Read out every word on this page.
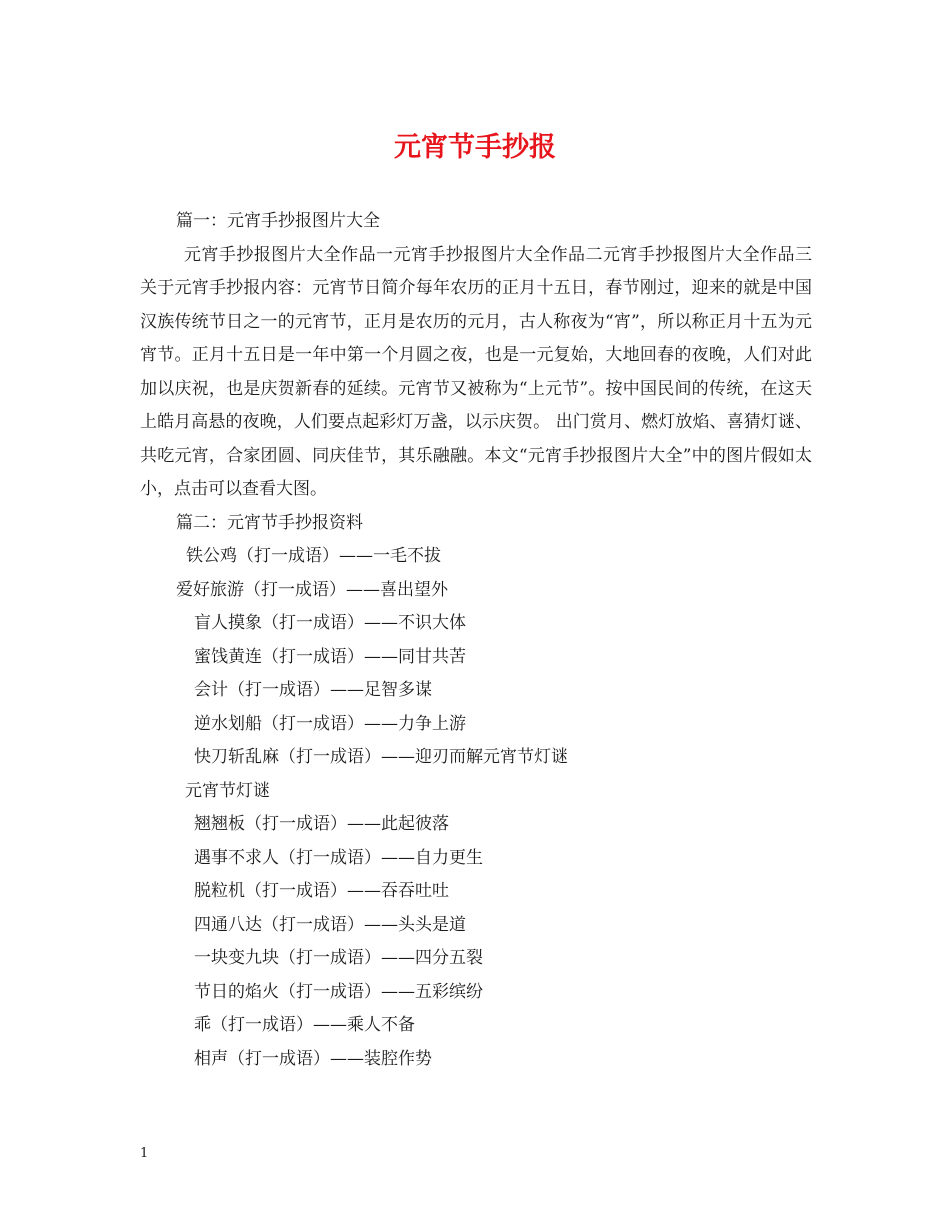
元宵节手抄报

篇一：元宵手抄报图片大全

元宵手抄报图片大全作品一元宵手抄报图片大全作品二元宵手抄报图片大全作品三关于元宵手抄报内容：元宵节日简介每年农历的正月十五日，春节刚过，迎来的就是中国汉族传统节日之一的元宵节，正月是农历的元月，古人称夜为“宵”，所以称正月十五为元宵节。正月十五日是一年中第一个月圆之夜，也是一元复始，大地回春的夜晚，人们对此加以庆祝，也是庆贺新春的延续。元宵节又被称为“上元节”。按中国民间的传统，在这天上皓月高悬的夜晚，人们要点起彩灯万盏，以示庆贺。 出门赏月、燃灯放焰、喜猜灯谜、共吃元宵，合家团圆、同庆佳节，其乐融融。本文“元宵手抄报图片大全”中的图片假如太小，点击可以查看大图。

篇二：元宵节手抄报资料

铁公鸡（打一成语）——一毛不拔

爱好旅游（打一成语）——喜出望外

盲人摸象（打一成语）——不识大体

蜜饯黄连（打一成语）——同甘共苦

会计（打一成语）——足智多谋

逆水划船（打一成语）——力争上游

快刀斩乱麻（打一成语）——迎刃而解元宵节灯谜

元宵节灯谜

翘翘板（打一成语）——此起彼落

遇事不求人（打一成语）——自力更生

脱粒机（打一成语）——吞吞吐吐

四通八达（打一成语）——头头是道

一块变九块（打一成语）——四分五裂

节日的焰火（打一成语）——五彩缤纷

乖（打一成语）——乘人不备

相声（打一成语）——装腔作势

1
